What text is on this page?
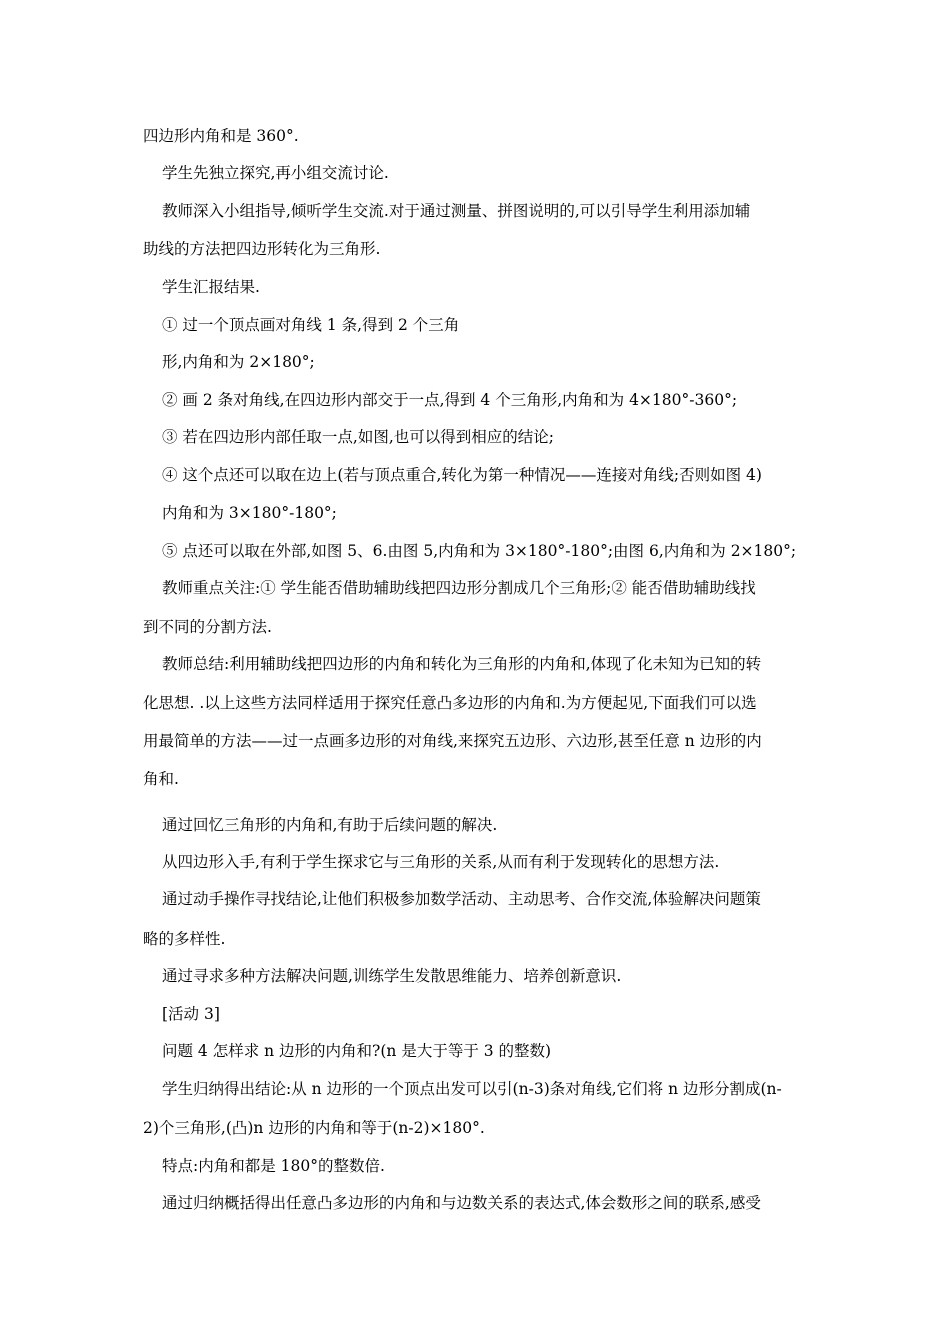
四边形内角和是 360°.
学生先独立探究,再小组交流讨论.
教师深入小组指导,倾听学生交流.对于通过测量、拼图说明的,可以引导学生利用添加辅
助线的方法把四边形转化为三角形.
学生汇报结果.
① 过一个顶点画对角线 1 条,得到 2 个三角
形,内角和为 2×180°;
② 画 2 条对角线,在四边形内部交于一点,得到 4 个三角形,内角和为 4×180°-360°;
③ 若在四边形内部任取一点,如图,也可以得到相应的结论;
④ 这个点还可以取在边上(若与顶点重合,转化为第一种情况——连接对角线;否则如图 4)
内角和为 3×180°-180°;
⑤ 点还可以取在外部,如图 5、6.由图 5,内角和为 3×180°-180°;由图 6,内角和为 2×180°;
教师重点关注:① 学生能否借助辅助线把四边形分割成几个三角形;② 能否借助辅助线找
到不同的分割方法.
教师总结:利用辅助线把四边形的内角和转化为三角形的内角和,体现了化未知为已知的转
化思想. .以上这些方法同样适用于探究任意凸多边形的内角和.为方便起见,下面我们可以选
用最简单的方法——过一点画多边形的对角线,来探究五边形、六边形,甚至任意 n 边形的内
角和.
通过回忆三角形的内角和,有助于后续问题的解决.
从四边形入手,有利于学生探求它与三角形的关系,从而有利于发现转化的思想方法.
通过动手操作寻找结论,让他们积极参加数学活动、主动思考、合作交流,体验解决问题策
略的多样性.
通过寻求多种方法解决问题,训练学生发散思维能力、培养创新意识.
[活动 3]
问题 4 怎样求 n 边形的内角和?(n 是大于等于 3 的整数)
学生归纳得出结论:从 n 边形的一个顶点出发可以引(n-3)条对角线,它们将 n 边形分割成(n-
2)个三角形,(凸)n 边形的内角和等于(n-2)×180°.
特点:内角和都是 180°的整数倍.
通过归纳概括得出任意凸多边形的内角和与边数关系的表达式,体会数形之间的联系,感受
